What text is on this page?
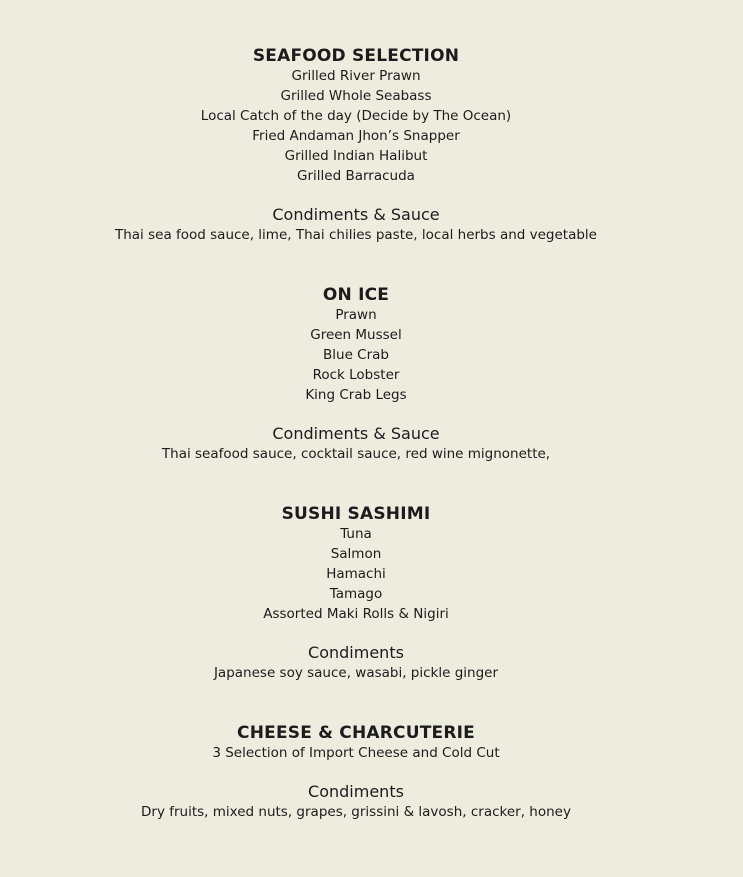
SEAFOOD SELECTION
Grilled River Prawn
Grilled Whole Seabass
Local Catch of the day (Decide by The Ocean)
Fried Andaman Jhon’s Snapper
Grilled Indian Halibut
Grilled Barracuda
Condiments & Sauce
Thai sea food sauce, lime, Thai chilies paste, local herbs and vegetable
ON ICE
Prawn
Green Mussel
Blue Crab
Rock Lobster
King Crab Legs
Condiments & Sauce
Thai seafood sauce, cocktail sauce, red wine mignonette,
SUSHI SASHIMI
Tuna
Salmon
Hamachi
Tamago
Assorted Maki Rolls & Nigiri
Condiments
Japanese soy sauce, wasabi, pickle ginger
CHEESE & CHARCUTERIE
3 Selection of Import Cheese and Cold Cut
Condiments
Dry fruits, mixed nuts, grapes, grissini & lavosh, cracker, honey
